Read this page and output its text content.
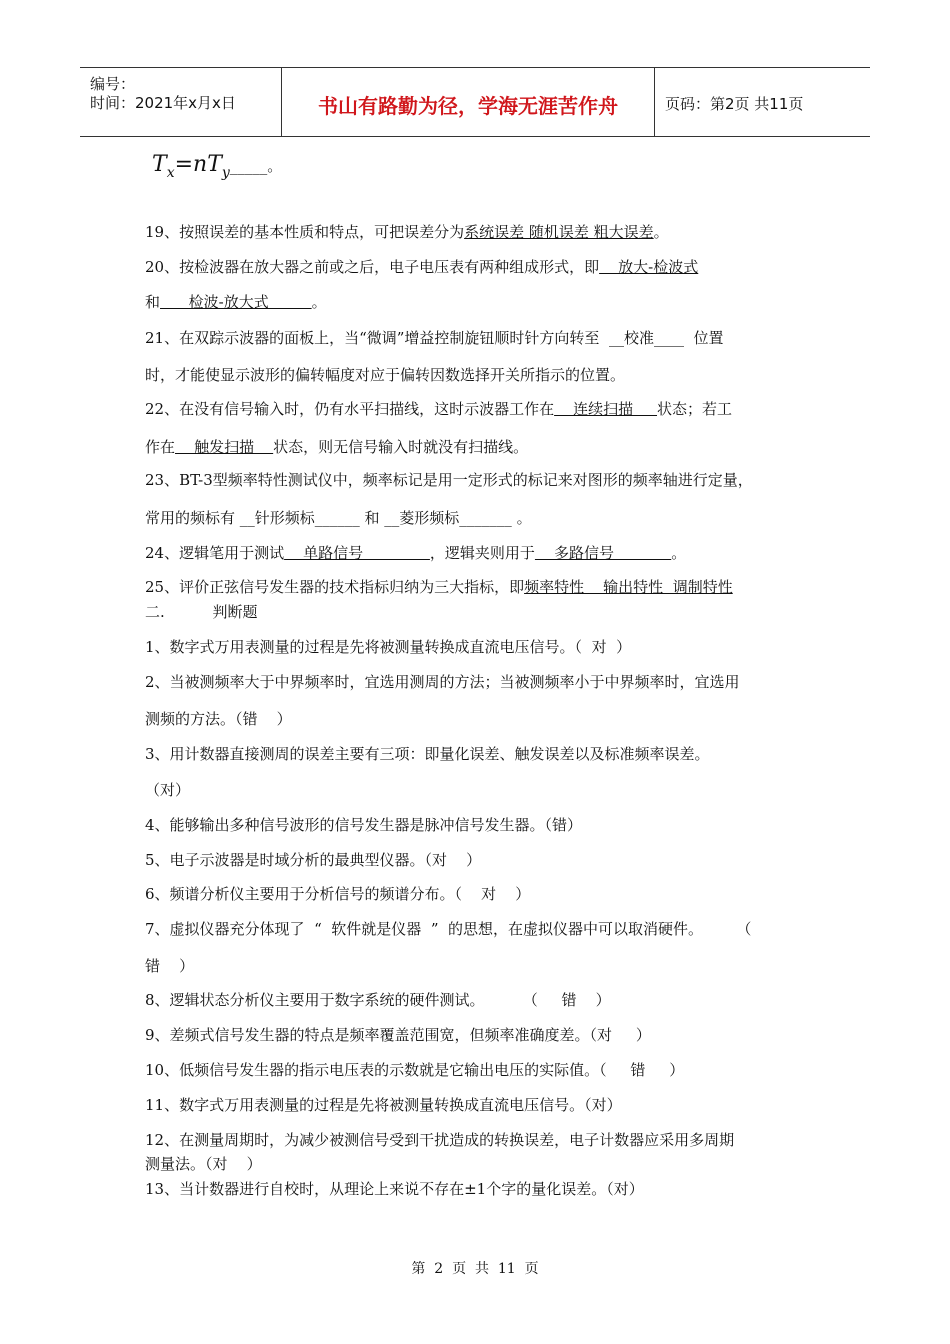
编号：
时间：2021年x月x日	书山有路勤为径，学海无涯苦作舟	页码：第2页 共11页
$T_x=nT_y\_\_\_\_\_$。
19、按照误差的基本性质和特点，可把误差分为系统误差 随机误差 粗大误差。
20、按检波器在放大器之前或之后，电子电压表有两种组成形式，即    放大-检波式
和      检波-放大式         。
21、在双踪示波器的面板上，当“微调”增益控制旋钮顺时针方向转至  __校准____  位置
时，才能使显示波形的偏转幅度对应于偏转因数选择开关所指示的位置。
22、在没有信号输入时，仍有水平扫描线，这时示波器工作在    连续扫描     状态；若工
作在    触发扫描    状态，则无信号输入时就没有扫描线。
23、BT-3型频率特性测试仪中，频率标记是用一定形式的标记来对图形的频率轴进行定量，
常用的频标有 __针形频标______ 和 __菱形频标_______ 。
24、逻辑笔用于测试    单路信号              ，逻辑夹则用于    多路信号            。
25、评价正弦信号发生器的技术指标归纳为三大指标，即频率特性    输出特性  调制特性
二.          判断题
1、数字式万用表测量的过程是先将被测量转换成直流电压信号。（  对  ）
2、当被测频率大于中界频率时，宜选用测周的方法；当被测频率小于中界频率时，宜选用
测频的方法。（错    ）
3、用计数器直接测周的误差主要有三项：即量化误差、触发误差以及标准频率误差。
（对）
4、能够输出多种信号波形的信号发生器是脉冲信号发生器。（错）
5、电子示波器是时域分析的最典型仪器。（对    ）
6、频谱分析仪主要用于分析信号的频谱分布。（    对    ）
7、虚拟仪器充分体现了  “  软件就是仪器  ”  的思想，在虚拟仪器中可以取消硬件。       （
错    ）
8、逻辑状态分析仪主要用于数字系统的硬件测试。        （     错    ）
9、差频式信号发生器的特点是频率覆盖范围宽，但频率准确度差。（对     ）
10、低频信号发生器的指示电压表的示数就是它输出电压的实际值。（     错     ）
11、数字式万用表测量的过程是先将被测量转换成直流电压信号。（对）
12、在测量周期时，为减少被测信号受到干扰造成的转换误差，电子计数器应采用多周期
测量法。（对    ）
13、当计数器进行自校时，从理论上来说不存在±1个字的量化误差。（对）
第  2  页  共  11  页
